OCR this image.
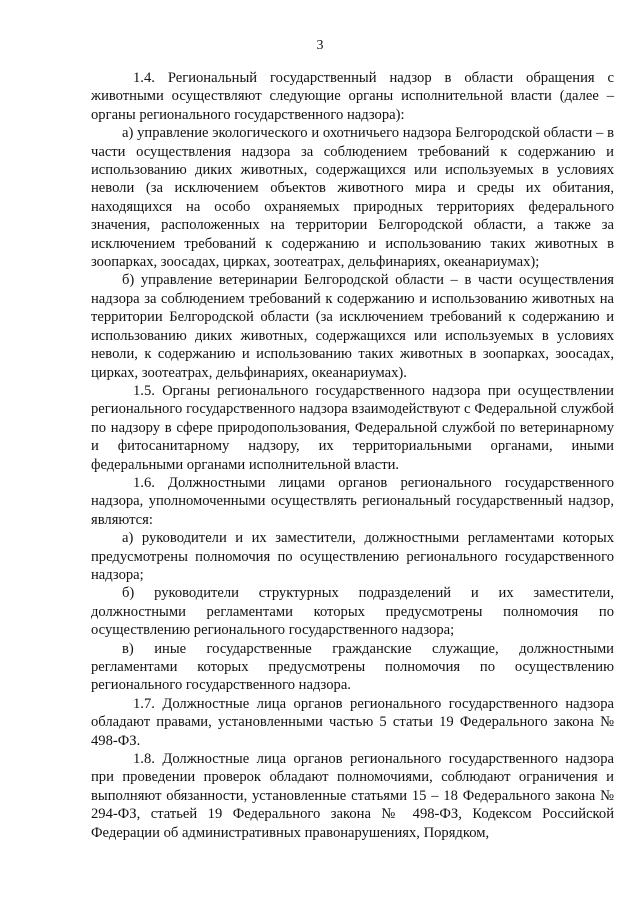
3

1.4. Региональный государственный надзор в области обращения с животными осуществляют следующие органы исполнительной власти (далее – органы регионального государственного надзора):

а) управление экологического и охотничьего надзора Белгородской области – в части осуществления надзора за соблюдением требований к содержанию и использованию диких животных, содержащихся или используемых в условиях неволи (за исключением объектов животного мира и среды их обитания, находящихся на особо охраняемых природных территориях федерального значения, расположенных на территории Белгородской области, а также за исключением требований к содержанию и использованию таких животных в зоопарках, зоосадах, цирках, зоотеатрах, дельфинариях, океанариумах);

б) управление ветеринарии Белгородской области – в части осуществления надзора за соблюдением требований к содержанию и использованию животных на территории Белгородской области (за исключением требований к содержанию и использованию диких животных, содержащихся или используемых в условиях неволи, к содержанию и использованию таких животных в зоопарках, зоосадах, цирках, зоотеатрах, дельфинариях, океанариумах).

1.5. Органы регионального государственного надзора при осуществлении регионального государственного надзора взаимодействуют с Федеральной службой по надзору в сфере природопользования, Федеральной службой по ветеринарному и фитосанитарному надзору, их территориальными органами, иными федеральными органами исполнительной власти.

1.6. Должностными лицами органов регионального государственного надзора, уполномоченными осуществлять региональный государственный надзор, являются:

а) руководители и их заместители, должностными регламентами которых предусмотрены полномочия по осуществлению регионального государственного надзора;

б) руководители структурных подразделений и их заместители, должностными регламентами которых предусмотрены полномочия по осуществлению регионального государственного надзора;

в) иные государственные гражданские служащие, должностными регламентами которых предусмотрены полномочия по осуществлению регионального государственного надзора.

1.7. Должностные лица органов регионального государственного надзора обладают правами, установленными частью 5 статьи 19 Федерального закона № 498-ФЗ.

1.8. Должностные лица органов регионального государственного надзора при проведении проверок обладают полномочиями, соблюдают ограничения и выполняют обязанности, установленные статьями 15 – 18 Федерального закона № 294-ФЗ, статьей 19 Федерального закона № 498-ФЗ, Кодексом Российской Федерации об административных правонарушениях, Порядком,
